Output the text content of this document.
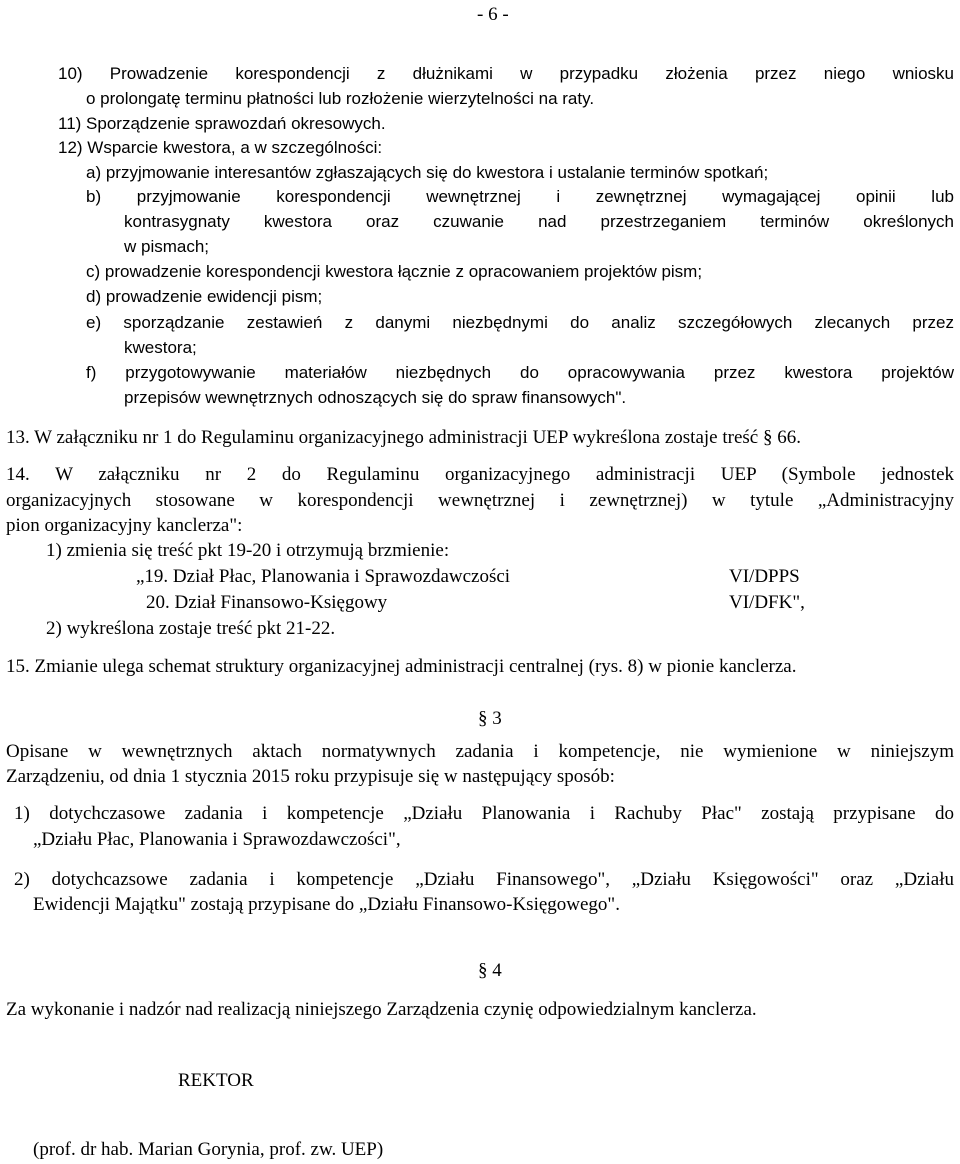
- 6 -
10) Prowadzenie korespondencji z dłużnikami w przypadku złożenia przez niego wniosku
o prolongatę terminu płatności lub rozłożenie wierzytelności na raty.
11) Sporządzenie sprawozdań okresowych.
12) Wsparcie kwestora, a w szczególności:
a) przyjmowanie interesantów zgłaszających się do kwestora i ustalanie terminów spotkań;
b) przyjmowanie korespondencji wewnętrznej i zewnętrznej wymagającej opinii lub
kontrasygnaty kwestora oraz czuwanie nad przestrzeganiem terminów określonych
w pismach;
c) prowadzenie korespondencji kwestora łącznie z opracowaniem projektów pism;
d) prowadzenie ewidencji pism;
e) sporządzanie zestawień z danymi niezbędnymi do analiz szczegółowych zlecanych przez
kwestora;
f) przygotowywanie materiałów niezbędnych do opracowywania przez kwestora projektów
przepisów wewnętrznych odnoszących się do spraw finansowych".
13. W załączniku nr 1 do Regulaminu organizacyjnego administracji UEP wykreślona zostaje treść § 66.
14. W załączniku nr 2 do Regulaminu organizacyjnego administracji UEP (Symbole jednostek
organizacyjnych stosowane w korespondencji wewnętrznej i zewnętrznej) w tytule „Administracyjny
pion organizacyjny kanclerza":
1) zmienia się treść pkt 19-20 i otrzymują brzmienie:
„19. Dział Płac, Planowania i Sprawozdawczości	VI/DPPS
20. Dział Finansowo-Księgowy	VI/DFK",
2) wykreślona zostaje treść pkt 21-22.
15. Zmianie ulega schemat struktury organizacyjnej administracji centralnej (rys. 8) w pionie kanclerza.
§ 3
Opisane w wewnętrznych aktach normatywnych zadania i kompetencje, nie wymienione w niniejszym
Zarządzeniu, od dnia 1 stycznia 2015 roku przypisuje się w następujący sposób:
1) dotychczasowe zadania i kompetencje „Działu Planowania i Rachuby Płac" zostają przypisane do
„Działu Płac, Planowania i Sprawozdawczości",
2) dotychcazsowe zadania i kompetencje „Działu Finansowego", „Działu Księgowości" oraz „Działu
Ewidencji Majątku" zostają przypisane do „Działu Finansowo-Księgowego".
§ 4
Za wykonanie i nadzór nad realizacją niniejszego Zarządzenia czynię odpowiedzialnym kanclerza.
REKTOR
(prof. dr hab. Marian Gorynia, prof. zw. UEP)
